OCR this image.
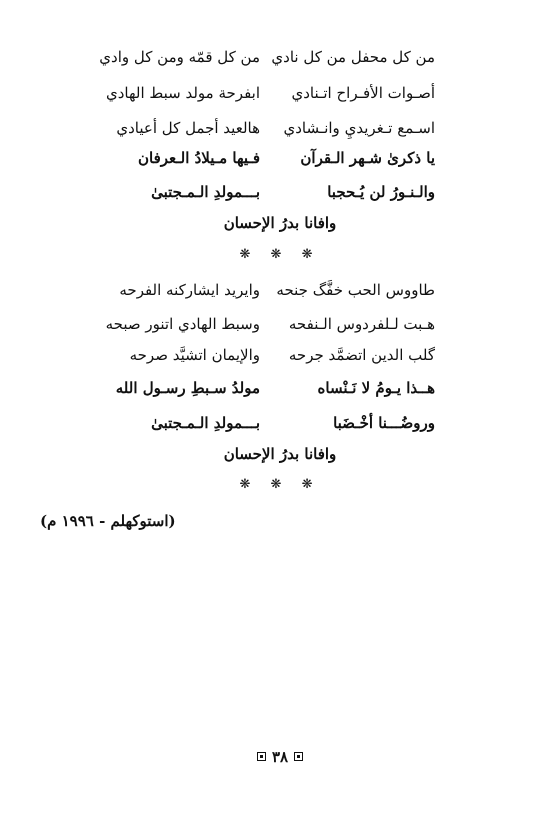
من كل محفل من كل نادي
من كل قمّه ومن كل وادي
أصـوات الأفـراح اتـنادي
ابفرحة مولد سبط الهادي
اسـمع تـغريديِ وانـشادي
هالعيد أجمل كل أعيادي
يا ذكرىٰ شـهر الـقرآن
فـيها مـيلادُ الـعرفان
والـنـورُ لن يُـحجبا
بـــمولدِ الـمـجتبىٰ
وافانا بدرُ الإحسان
❋ ❋ ❋
طاووس الحب خفَّگ جنحه
وايريد ايشاركنه الفرحه
هـبت لـلفردوس الـنفحه
وسبط الهادي اتنور صبحه
گلب الدين اتضمَّد جرحه
والإيمان اتشيَّد صرحه
هــذا يـومُ لا نَـنْساه
مولدُ سـبطِ رسـول الله
وروضُـــنا أخْـضَبا
بـــمولدِ الـمـجتبىٰ
وافانا بدرُ الإحسان
❋ ❋ ❋
(استوكهلم - ١٩٩٦ م)
٣٨
